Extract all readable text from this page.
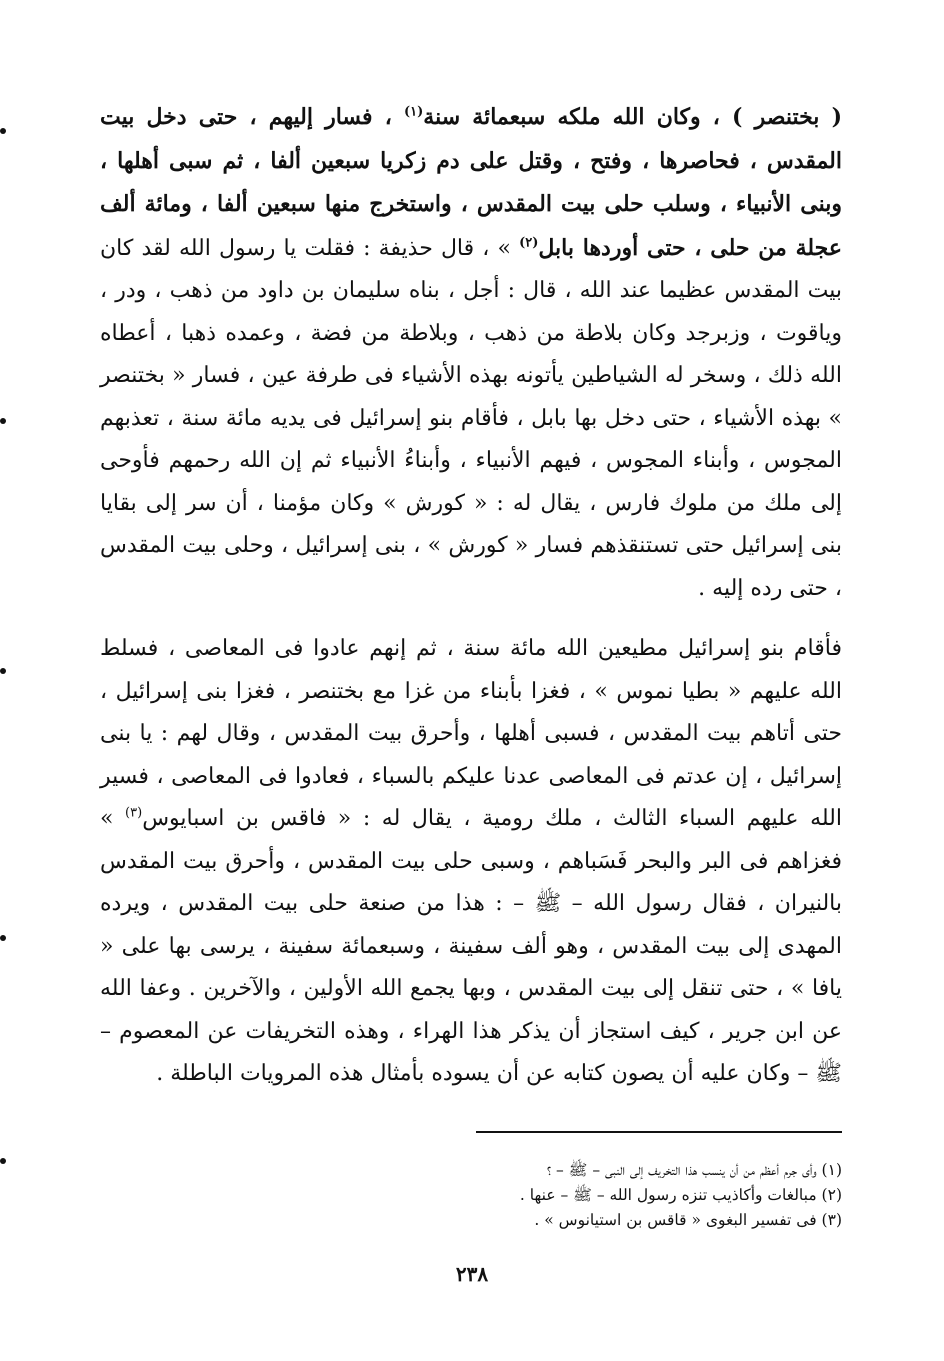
( بختنصر ) ، وكان الله ملكه سبعمائة سنة$^{(١)}$ ، فسار إليهم ، حتى دخل بيت المقدس ، فحاصرها ، وفتح ، وقتل على دم زكريا سبعين ألفا ، ثم سبى أهلها ، وبنى الأنبياء ، وسلب حلى بيت المقدس ، واستخرج منها سبعين ألفا ، ومائة ألف عجلة من حلى ، حتى أوردها بابل$^{(٢)}$ » ، قال حذيفة : فقلت يا رسول الله لقد كان بيت المقدس عظيما عند الله ، قال : أجل ، بناه سليمان بن داود من ذهب ، ودر ، وياقوت ، وزبرجد وكان بلاطة من ذهب ، وبلاطة من فضة ، وعمده ذهبا ، أعطاه الله ذلك ، وسخر له الشياطين يأتونه بهذه الأشياء فى طرفة عين ، فسار « بختنصر » بهذه الأشياء ، حتى دخل بها بابل ، فأقام بنو إسرائيل فى يديه مائة سنة ، تعذبهم المجوس ، وأبناء المجوس ، فيهم الأنبياء ، وأبناءُ الأنبياء ثم إن الله رحمهم فأوحى إلى ملك من ملوك فارس ، يقال له : « كورش » وكان مؤمنا ، أن سر إلى بقايا بنى إسرائيل حتى تستنقذهم فسار « كورش » ، بنى إسرائيل ، وحلى بيت المقدس ، حتى رده إليه .

فأقام بنو إسرائيل مطيعين الله مائة سنة ، ثم إنهم عادوا فى المعاصى ، فسلط الله عليهم « بطيا نموس » ، فغزا بأبناء من غزا مع بختنصر ، فغزا بنى إسرائيل ، حتى أتاهم بيت المقدس ، فسبى أهلها ، وأحرق بيت المقدس ، وقال لهم : يا بنى إسرائيل ، إن عدتم فى المعاصى عدنا عليكم بالسباء ، فعادوا فى المعاصى ، فسير الله عليهم السباء الثالث ، ملك رومية ، يقال له : « فاقس بن اسبايوس$^{(٣)}$ » فغزاهم فى البر والبحر فَسَباهم ، وسبى حلى بيت المقدس ، وأحرق بيت المقدس بالنيران ، فقال رسول الله – ﷺ – : هذا من صنعة حلى بيت المقدس ، ويرده المهدى إلى بيت المقدس ، وهو ألف سفينة ، وسبعمائة سفينة ، يرسى بها على « يافا » ، حتى تنقل إلى بيت المقدس ، وبها يجمع الله الأولين ، والآخرين . وعفا الله عن ابن جرير ، كيف استجاز أن يذكر هذا الهراء ، وهذه التخريفات عن المعصوم – ﷺ – وكان عليه أن يصون كتابه عن أن يسوده بأمثال هذه المرويات الباطلة .

(١) وأى جرم أعظم من أن ينسب هذا التخريف إلى النبى – ﷺ – ؟
(٢) مبالغات وأكاذيب تنزه رسول الله – ﷺ – عنها .
(٣) فى تفسير البغوى « قاقس بن استيانوس » .
٢٣٨
